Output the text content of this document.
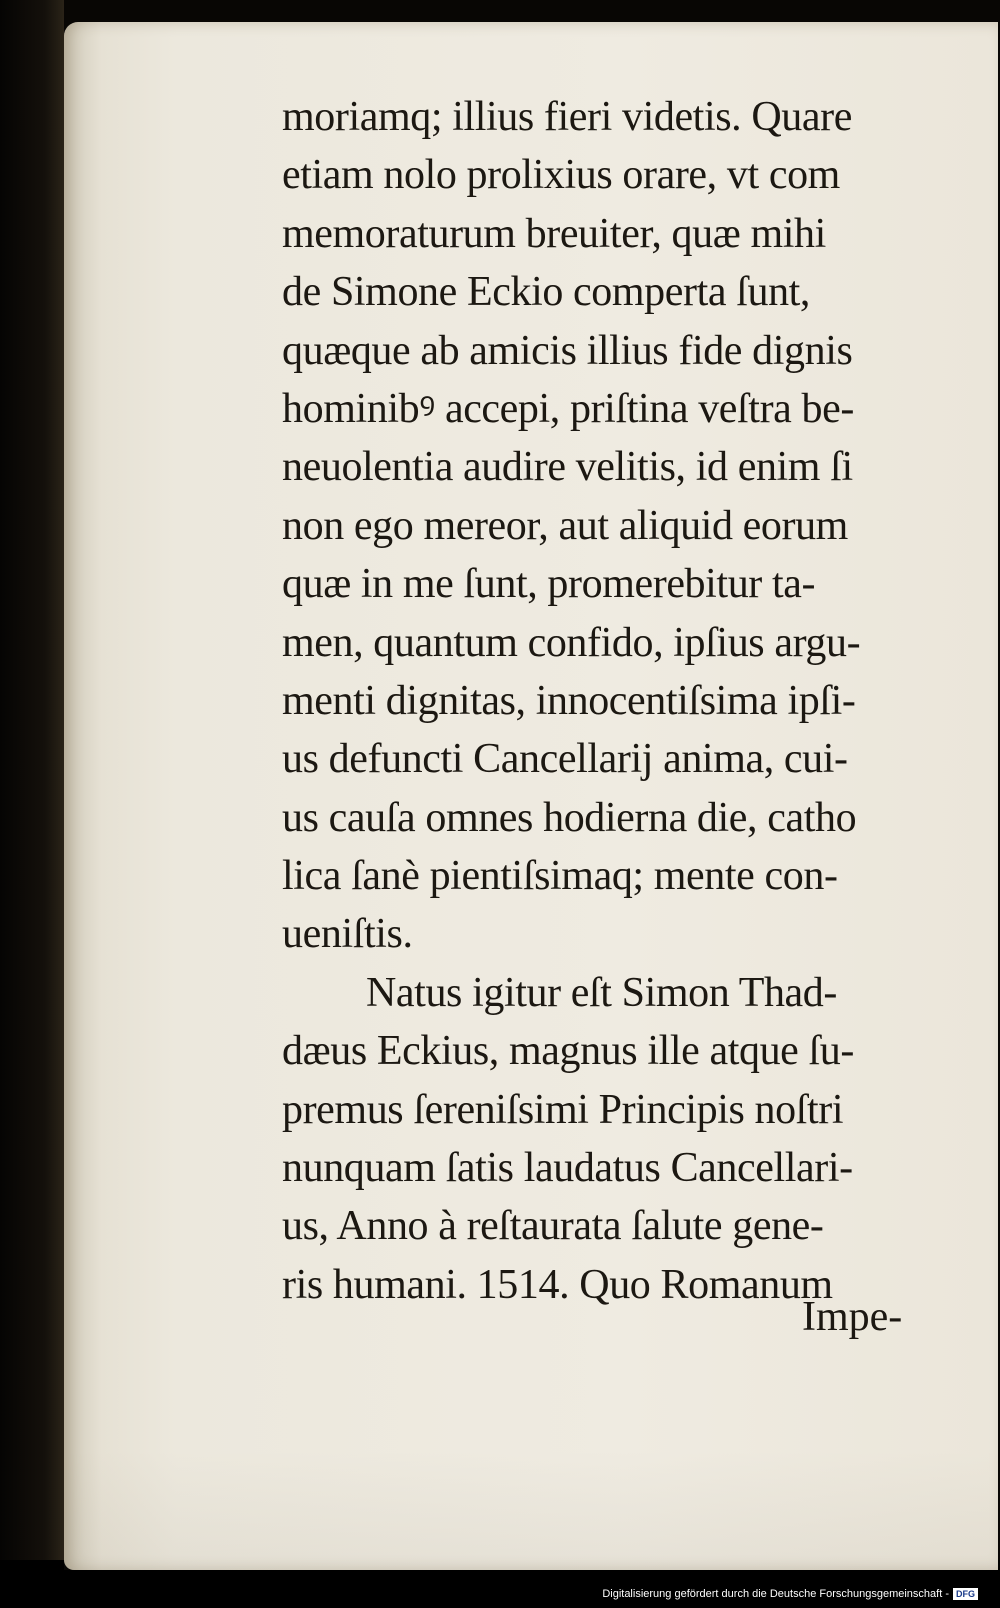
moriamq; illius fieri videtis. Quare
etiam nolo prolixius orare, vt com
memoraturum breuiter, quæ mihi
de Simone Eckio comperta ſunt,
quæque ab amicis illius fide dignis
hominibꝰ accepi, priſtina veſtra be-
neuolentia audire velitis, id enim ſi
non ego mereor, aut aliquid eorum
quæ in me ſunt, promerebitur ta-
men, quantum confido, ipſius argu-
menti dignitas, innocentiſsima ipſi-
us defuncti Cancellarij anima, cui-
us cauſa omnes hodierna die, catho
lica ſanè pientiſsimaq; mente con-
ueniſtis.
Natus igitur eſt Simon Thad-
dæus Eckius, magnus ille atque ſu-
premus ſereniſsimi Principis noſtri
nunquam ſatis laudatus Cancellari-
us, Anno à reſtaurata ſalute gene-
ris humani. 1514. Quo Romanum
Impe-
Digitalisierung gefördert durch die Deutsche Forschungsgemeinschaft - DFG
